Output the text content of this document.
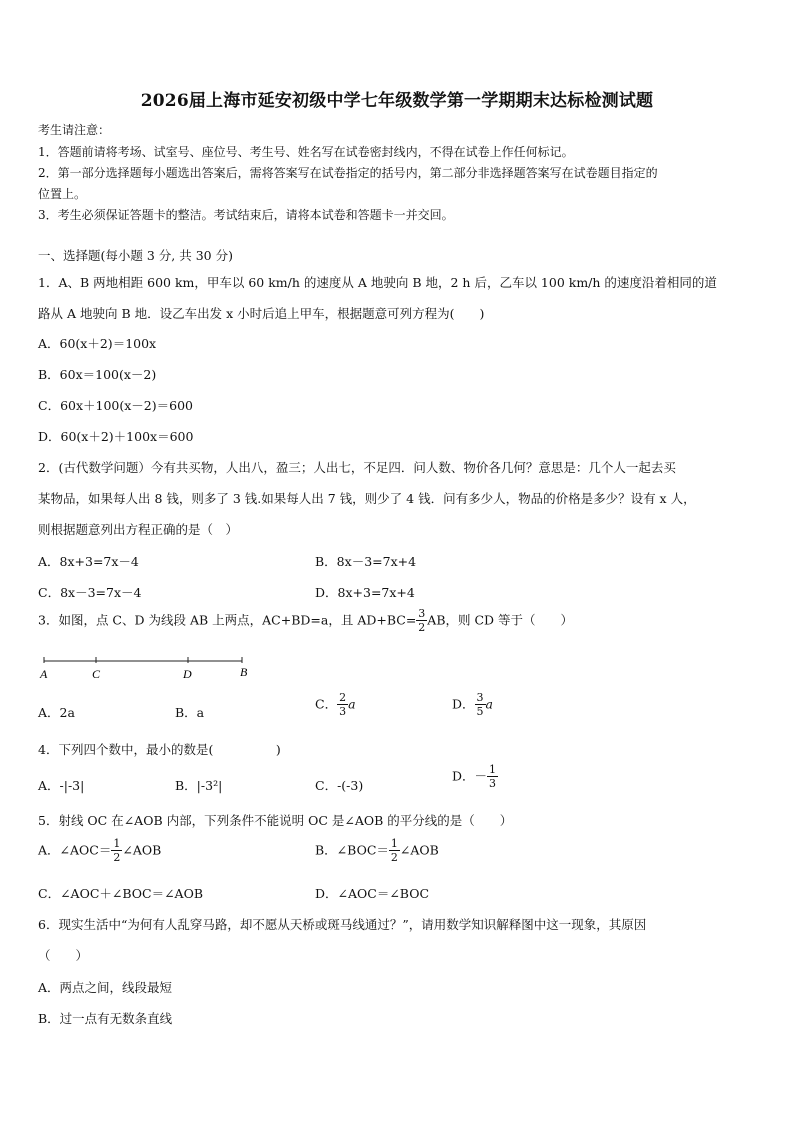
2026届上海市延安初级中学七年级数学第一学期期末达标检测试题
考生请注意：
1．答题前请将考场、试室号、座位号、考生号、姓名写在试卷密封线内，不得在试卷上作任何标记。
2．第一部分选择题每小题选出答案后，需将答案写在试卷指定的括号内，第二部分非选择题答案写在试卷题目指定的
位置上。
3．考生必须保证答题卡的整洁。考试结束后，请将本试卷和答题卡一并交回。
一、选择题(每小题 3 分, 共 30 分)
1．A、B 两地相距 600 km，甲车以 60 km/h 的速度从 A 地驶向 B 地，2 h 后，乙车以 100 km/h 的速度沿着相同的道
路从 A 地驶向 B 地．设乙车出发 x 小时后追上甲车，根据题意可列方程为(　　)
A．60(x＋2)＝100x
B．60x＝100(x－2)
C．60x＋100(x－2)＝600
D．60(x＋2)＋100x＝600
2．(古代数学问题）今有共买物，人出八，盈三；人出七，不足四．问人数、物价各几何？意思是：几个人一起去买
某物品，如果每人出 8 钱，则多了 3 钱.如果每人出 7 钱，则少了 4 钱．问有多少人，物品的价格是多少？设有 x 人，
则根据题意列出方程正确的是（　）
A．8x+3=7x－4	B．8x－3=7x+4
C．8x－3=7x－4	D．8x+3=7x+4
3．如图，点 C、D 为线段 AB 上两点，AC+BD=a，且 $AD+BC= \frac{3}{2}$ AB，则 CD 等于（　　）
A	C	D	B
A．2a	B．a
C． $\frac{2}{3}$ a	D． $\frac{3}{5}$ a
4．下列四个数中，最小的数是(　　　　　)
A．-|-3|	B．|-3²|	C．-(-3)
D．－ $\frac{1}{3}$
5．射线 OC 在∠AOB 内部，下列条件不能说明 OC 是∠AOB 的平分线的是（　　）
A．∠AOC＝ $\frac{1}{2}$ ∠AOB	B．∠BOC＝ $\frac{1}{2}$ ∠AOB
C．∠AOC＋∠BOC＝∠AOB	D．∠AOC＝∠BOC
6．现实生活中“为何有人乱穿马路，却不愿从天桥或斑马线通过？”，请用数学知识解释图中这一现象，其原因
（　　）
A．两点之间，线段最短
B．过一点有无数条直线
